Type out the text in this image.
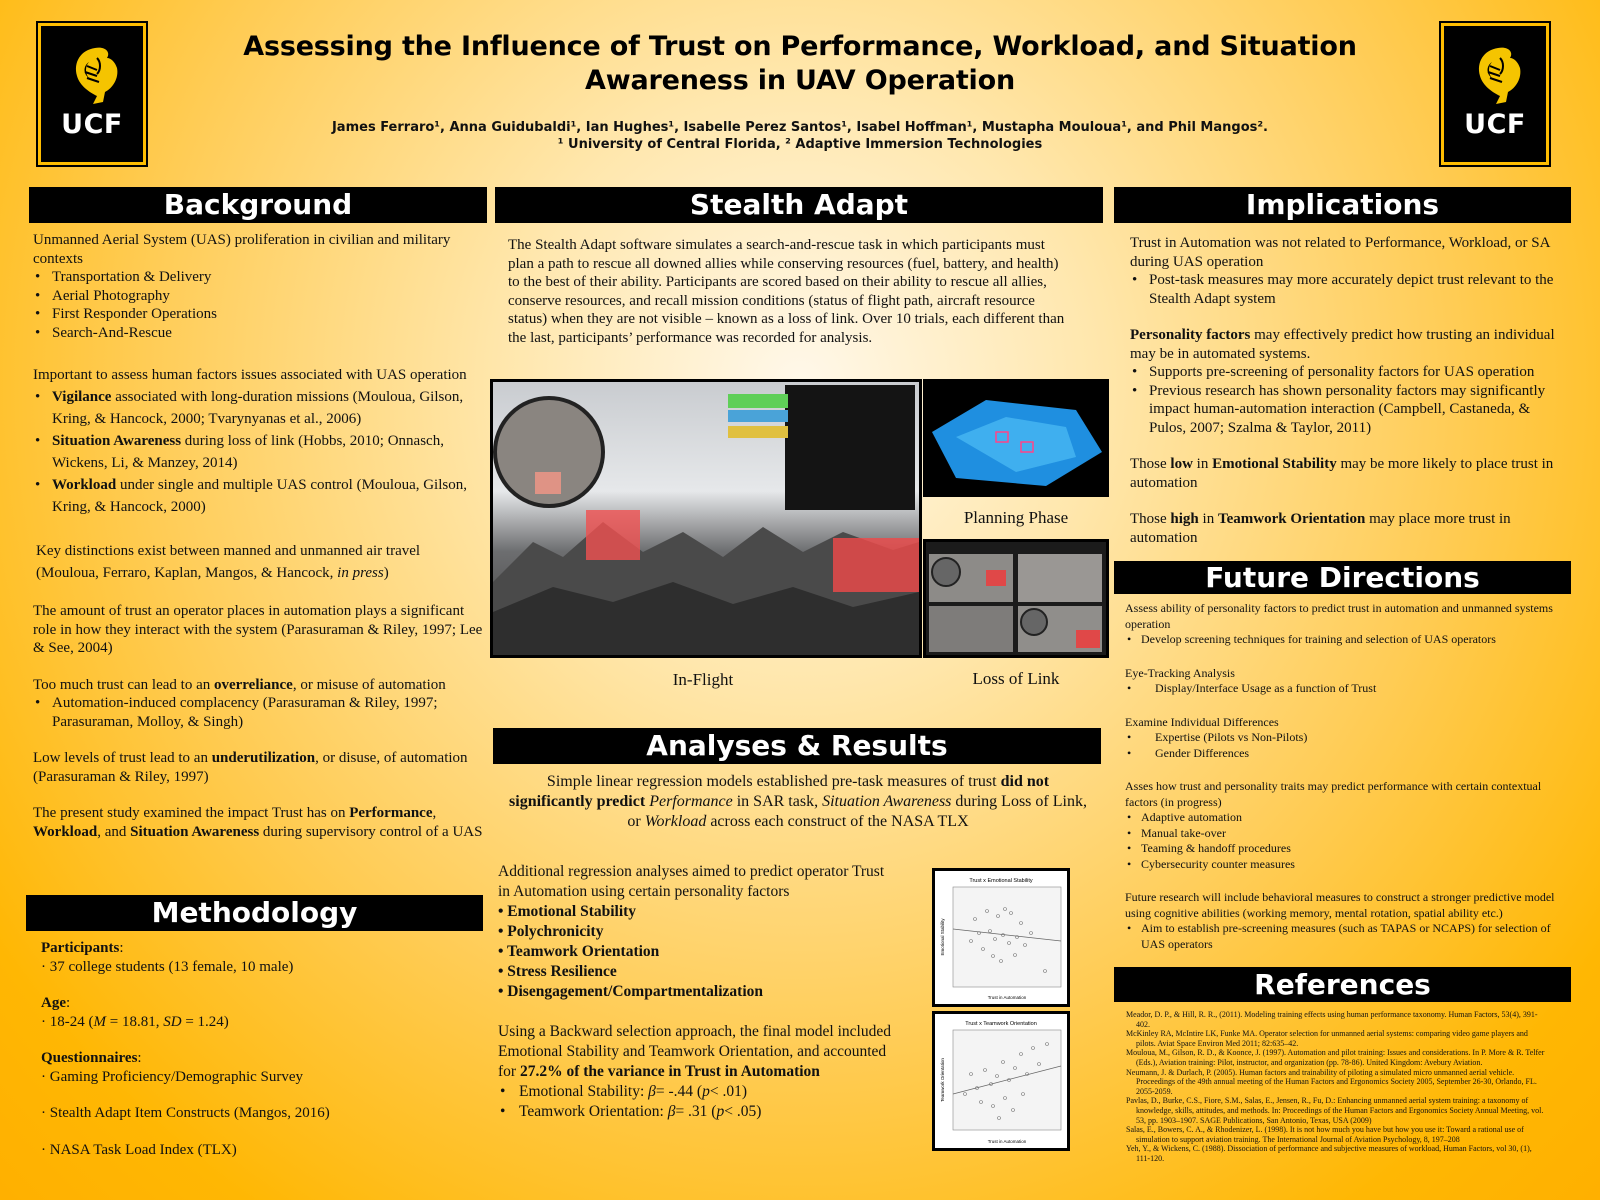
UCF	UCF
Assessing the Influence of Trust on Performance, Workload, and Situation Awareness in UAV Operation
James Ferraro¹, Anna Guidubaldi¹, Ian Hughes¹, Isabelle Perez Santos¹, Isabel Hoffman¹, Mustapha Mouloua¹, and Phil Mangos².
¹ University of Central Florida, ² Adaptive Immersion Technologies
Background	Stealth Adapt	Implications
Methodology
Analyses & Results
Future Directions
References

Unmanned Aerial System (UAS) proliferation in civilian and military contexts

• Transportation & Delivery
• Aerial Photography
• First Responder Operations
• Search-And-Rescue

Important to assess human factors issues associated with UAS operation

• Vigilance associated with long-duration missions (Mouloua, Gilson, Kring, & Hancock, 2000; Tvarynyanas et al., 2006)
• Situation Awareness during loss of link (Hobbs, 2010; Onnasch, Wickens, Li, & Manzey, 2014)
• Workload under single and multiple UAS control (Mouloua, Gilson, Kring, & Hancock, 2000)

Key distinctions exist between manned and unmanned air travel (Mouloua, Ferraro, Kaplan, Mangos, & Hancock, in press)

The amount of trust an operator places in automation plays a significant role in how they interact with the system (Parasuraman & Riley, 1997; Lee & See, 2004)

Too much trust can lead to an overreliance, or misuse of automation

• Automation-induced complacency (Parasuraman & Riley, 1997; Parasuraman, Molloy, & Singh)

Low levels of trust lead to an underutilization, or disuse, of automation (Parasuraman & Riley, 1997)

The present study examined the impact Trust has on Performance, Workload, and Situation Awareness during supervisory control of a UAS

Participants:

· 37 college students (13 female, 10 male)

Age:

· 18-24 (M = 18.81, SD = 1.24)

Questionnaires:

· Gaming Proficiency/Demographic Survey

· Stealth Adapt Item Constructs (Mangos, 2016)

· NASA Task Load Index (TLX)

The Stealth Adapt software simulates a search-and-rescue task in which participants must plan a path to rescue all downed allies while conserving resources (fuel, battery, and health) to the best of their ability. Participants are scored based on their ability to rescue all allies, conserve resources, and recall mission conditions (status of flight path, aircraft resource status) when they are not visible – known as a loss of link. Over 10 trials, each different than the last, participants’ performance was recorded for analysis.
In-Flight
Planning Phase
Loss of Link
Simple linear regression models established pre-task measures of trust did not significantly predict Performance in SAR task, Situation Awareness during Loss of Link, or Workload across each construct of the NASA TLX

Additional regression analyses aimed to predict operator Trust in Automation using certain personality factors

• Emotional Stability

• Polychronicity

• Teamwork Orientation

• Stress Resilience

• Disengagement/Compartmentalization

Using a Backward selection approach, the final model included Emotional Stability and Teamwork Orientation, and accounted for 27.2% of the variance in Trust in Automation

• Emotional Stability: β= -.44 (p< .01)
• Teamwork Orientation: β= .31 (p< .05)
Trust x Emotional Stability
Trust in Automation
Emotional Stability
Trust x Teamwork Orientation
Trust in Automation
Teamwork Orientation

Trust in Automation was not related to Performance, Workload, or SA during UAS operation

• Post-task measures may more accurately depict trust relevant to the Stealth Adapt system

Personality factors may effectively predict how trusting an individual may be in automated systems.

• Supports pre-screening of personality factors for UAS operation
• Previous research has shown personality factors may significantly impact human-automation interaction (Campbell, Castaneda, & Pulos, 2007; Szalma & Taylor, 2011)

Those low in Emotional Stability may be more likely to place trust in automation

Those high in Teamwork Orientation may place more trust in automation

Assess ability of personality factors to predict trust in automation and unmanned systems operation

• Develop screening techniques for training and selection of UAS operators

Eye-Tracking Analysis

• Display/Interface Usage as a function of Trust

Examine Individual Differences

• Expertise (Pilots vs Non-Pilots)
• Gender Differences

Asses how trust and personality traits may predict performance with certain contextual factors (in progress)

• Adaptive automation
• Manual take-over
• Teaming & handoff procedures
• Cybersecurity counter measures

Future research will include behavioral measures to construct a stronger predictive model using cognitive abilities (working memory, mental rotation, spatial ability etc.)

• Aim to establish pre-screening measures (such as TAPAS or NCAPS) for selection of UAS operators

Meador, D. P., & Hill, R. R., (2011). Modeling training effects using human performance taxonomy. Human Factors, 53(4), 391-402.

McKinley RA, McIntire LK, Funke MA. Operator selection for unmanned aerial systems: comparing video game players and pilots. Aviat Space Environ Med 2011; 82:635–42.

Mouloua, M., Gilson, R. D., & Koonce, J. (1997). Automation and pilot training: Issues and considerations. In P. More & R. Telfer (Eds.), Aviation training: Pilot, instructor, and organization (pp. 78-86). United Kingdom: Avebury Aviation.

Neumann, J. & Durlach, P. (2005). Human factors and trainability of piloting a simulated micro unmanned aerial vehicle. Proceedings of the 49th annual meeting of the Human Factors and Ergonomics Society 2005, September 26-30, Orlando, FL. 2055-2059.

Pavlas, D., Burke, C.S., Fiore, S.M., Salas, E., Jensen, R., Fu, D.: Enhancing unmanned aerial system training: a taxonomy of knowledge, skills, attitudes, and methods. In: Proceedings of the Human Factors and Ergonomics Society Annual Meeting, vol. 53, pp. 1903–1907. SAGE Publications, San Antonio, Texas, USA (2009)

Salas, E., Bowers, C. A., & Rhodenizer, L. (1998). It is not how much you have but how you use it: Toward a rational use of simulation to support aviation training. The International Journal of Aviation Psychology, 8, 197–208

Yeh, Y., & Wickens, C. (1988). Dissociation of performance and subjective measures of workload, Human Factors, vol 30, (1), 111-120.
